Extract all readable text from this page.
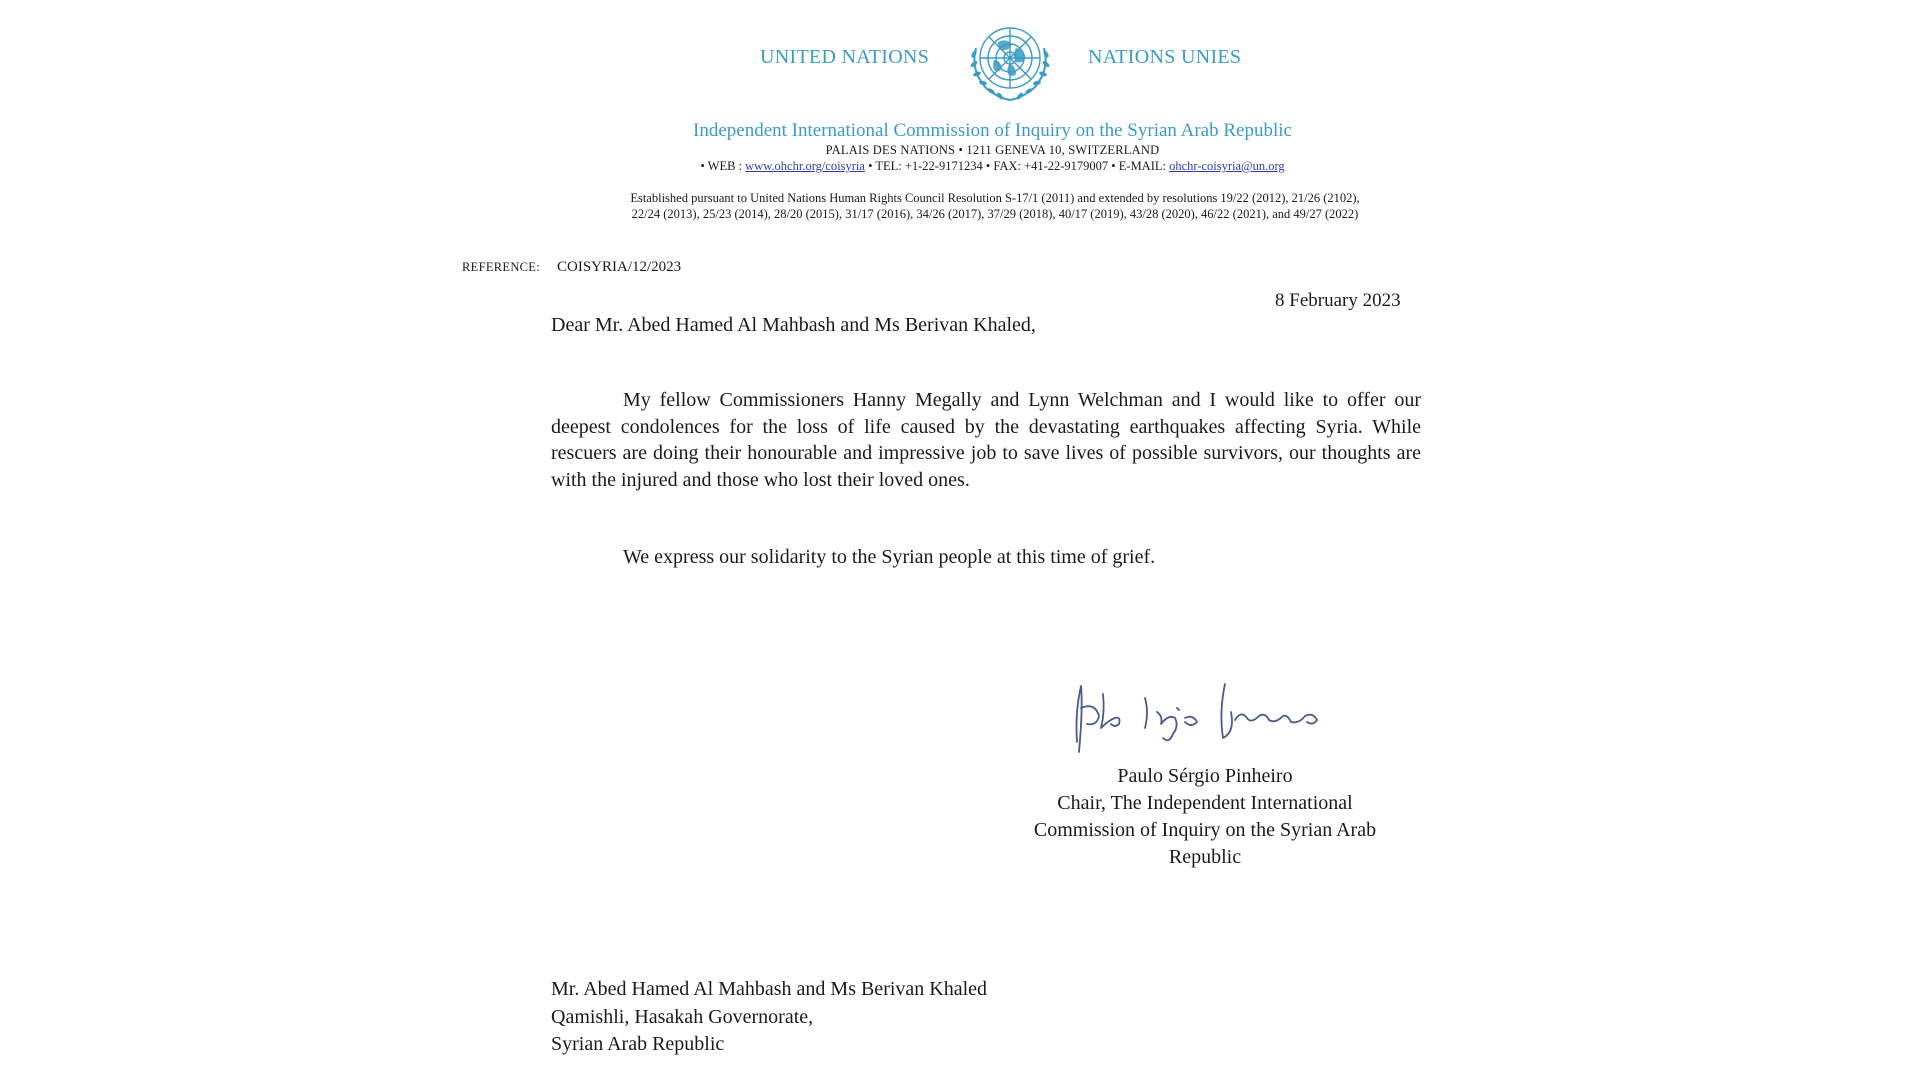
UNITED NATIONS	NATIONS UNIES
Independent International Commission of Inquiry on the Syrian Arab Republic
PALAIS DES NATIONS • 1211 GENEVA 10, SWITZERLAND
• WEB : www.ohchr.org/coisyria • TEL: +1-22-9171234 • FAX: +41-22-9179007 • E-MAIL: ohchr-coisyria@un.org
Established pursuant to United Nations Human Rights Council Resolution S-17/1 (2011) and extended by resolutions 19/22 (2012), 21/26 (2102),
22/24 (2013), 25/23 (2014), 28/20 (2015), 31/17 (2016), 34/26 (2017), 37/29 (2018), 40/17 (2019), 43/28 (2020), 46/22 (2021), and 49/27 (2022)
REFERENCE: COISYRIA/12/2023
8 February 2023
Dear Mr. Abed Hamed Al Mahbash and Ms Berivan Khaled,
My fellow Commissioners Hanny Megally and Lynn Welchman and I would like to offer our deepest condolences for the loss of life caused by the devastating earthquakes affecting Syria. While rescuers are doing their honourable and impressive job to save lives of possible survivors, our thoughts are with the injured and those who lost their loved ones.
We express our solidarity to the Syrian people at this time of grief.
Paulo Sérgio Pinheiro
Chair, The Independent International
Commission of Inquiry on the Syrian Arab
Republic
Mr. Abed Hamed Al Mahbash and Ms Berivan Khaled
Qamishli, Hasakah Governorate,
Syrian Arab Republic
